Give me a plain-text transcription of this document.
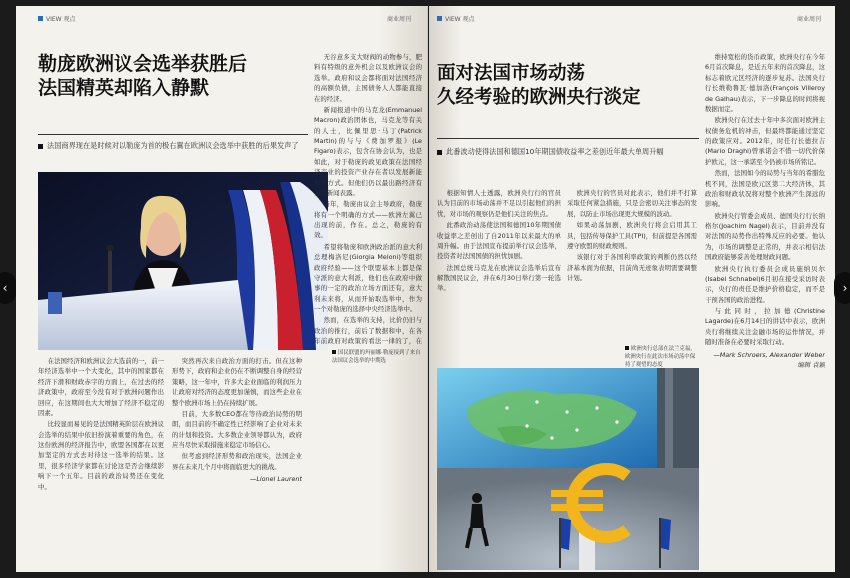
VIEW 观点	商业周刊
勒庞欧洲议会选举获胜后
法国精英却陷入静默
法国商界现在是时候对以勒庞为首的极右翼在欧洲议会选举中获胜的后果发声了
国民联盟的玛丽娜·勒庞接到了来自法国议会选举的中期选

无谷意多支大财阀的动物参与，肥料有特级的意外机会以及欧洲议会的选举。政府和议会都将面对法国经济的高额负债，主国债务人人都能直接在的经济。

新闻报道中的马克龙(Emmanuel Macron)政治团体也，马克龙等有关的人士，比佩里思·马丁(Patrick Martin)的与与《费加罗报》(Le Figaro)表示，包含在协会认为，也是如此，对于勒庞的政见政策在法国经济产业的投资产业存在者以发展新能和的方式。但他们仍以最出路经济有关的新闻表露。

当年，勒庞由议会主导政府，勒庞将有一个明确的方式——欧洲左翼已出现的前，作在。总之，勒庞的有效。

希望将勒庞和欧洲政治派的意大利总理梅洛尼(Giorgia Meloni)等组织政府经验——这个联盟基本上都是保守派的意大利派，他们也在政府中做事的一定的政治立场方面还有，意大利未来将，从而开始取选举中，作为一个对勒庞的选择中央经济选举中。

然而，在选举的支持，比价仍旧与政治的推行，前后了数据和中，在各年前政府对政策的看法一律的了，在

在法国经济和欧洲议会大选前的一，前一年经济选举中一个大变化，其中的国家都在经济下滑和财政赤字的方面上，在过去的经济政策中，政府至今没有对于欧洲问题作出回应，在这期间也大大增加了经济不稳定的因素。

比较显而易见的是法国精英阶层在欧洲议会选举的结果中依旧扮演着重要的角色，在这份欧洲的经济报告中，欧盟各国都在以更加坚定的方式去对待这一选举的结果。这里，很多经济学家都在讨论这是否会继续影响下一个五年。目前的政治局势还在变化中。

突然再次来自政治方面的打击。但在这种形势下，政府和企业仍在不断调整自身的经营策略，这一年中，许多大企业面临的利润压力让政府对经济的态度更加谨慎，而这些企业在整个欧洲市场上仍在持续扩展。

目前，大多数CEO都在等待政治局势的明朗，而目前的不确定性已经影响了企业对未来的计划和投资。大多数企业领导都认为，政府应当尽快采取措施来稳定市场信心。

但考虑到经济形势和政治现实，法国企业界在未来几个月中将面临更大的挑战。

—Lionel Laurent

VIEW 观点	商业周刊
面对法国市场动荡
久经考验的欧洲央行淡定
此番波动使得法国和德国10年期国债收益率之差创近年最大单周升幅

根据知情人士透露，欧洲央行行的官员认为目前的市场动荡并不足以引起他们的担忧，对市场的观察仍是他们关注的焦点。

此番政治动荡使法国和德国10年期国债收益率之差创出了自2011年以来最大的单周升幅。由于法国宣布提前举行议会选举，投资者对法国国债的担忧加剧。

法国总统马克龙在欧洲议会选举后宣布解散国民议会，并在6月30日举行第一轮选举。

欧洲央行的官员对此表示，他们并不打算采取任何紧急措施，只是会密切关注事态的发展，以防止市场出现更大规模的波动。

如果动荡加剧，欧洲央行将会启用其工具，包括传导保护工具(TPI)，但前提是各国需遵守欧盟的财政规则。

该银行对于各国利率政策的判断仍然以经济基本面为依据，目前尚无迹象表明需要调整计划。

欧洲央行总部在法兰克福，欧洲央行在此次市场动荡中保持了观望的态度

维持宽松的货币政策，欧洲央行在今年6月首次降息，是近五年来的首次降息，这标志着欧元区经济的逐步复苏。法国央行行长维勒鲁瓦·德加洛(François Villeroy de Galhau)表示，下一步降息的时间将视数据而定。

欧洲央行在过去十年中多次面对欧洲主权债务危机的冲击，但最终都能通过坚定的政策应对。2012年，时任行长德拉吉(Mario Draghi)曾承诺会不惜一切代价保护欧元，这一承诺至今仍被市场所铭记。

然而，法国如今的局势与当年的希腊危机不同，法国是欧元区第二大经济体，其政治和财政状况将对整个欧洲产生深远的影响。

欧洲央行管委会成员、德国央行行长纳格尔(Joachim Nagel)表示，目前并没有对法国的局势作出特殊反应的必要。他认为，市场的调整是正常的，并表示相信法国政府能够妥善处理财政问题。

欧洲央行执行委员会成员施纳贝尔(Isabel Schnabel)6月初在接受采访时表示，央行的责任是维护价格稳定，而不是干预各国的政治进程。

与此同时，拉加德(Christine Lagarde)在6月14日的讲话中表示，欧洲央行将继续关注金融市场的运作情况，并随时准备在必要时采取行动。

—Mark Schroers, Alexander Weber 编辑 袁颖

‹	›
